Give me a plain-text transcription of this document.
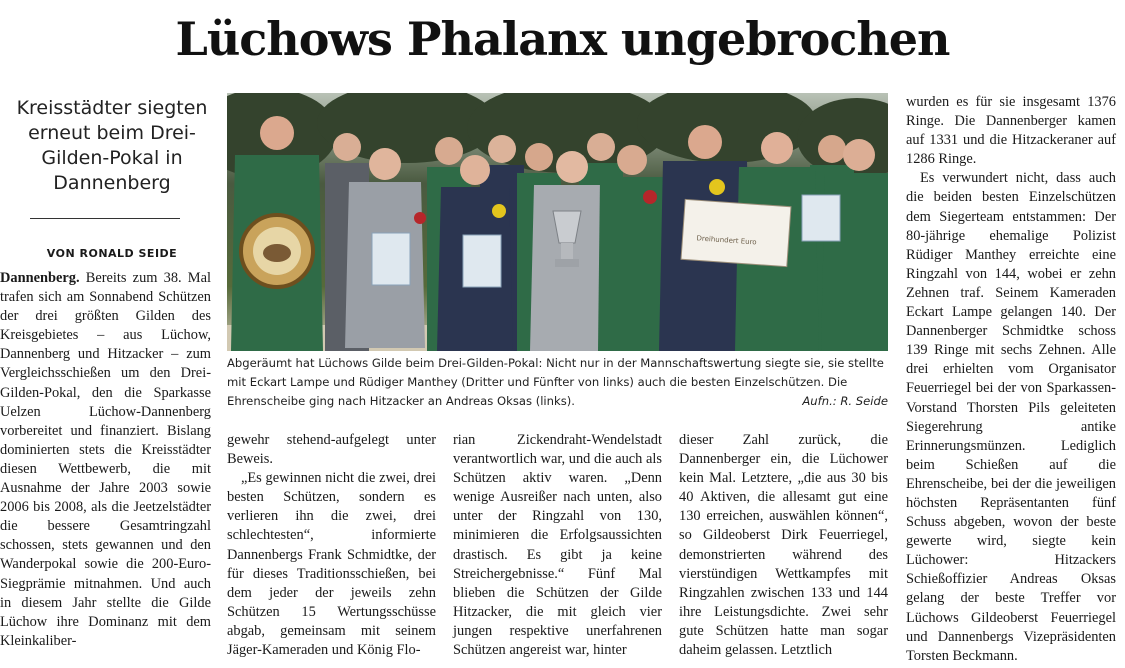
Lüchows Phalanx ungebrochen
Kreisstädter siegten erneut beim Drei-Gilden-Pokal in Dannenberg
VON RONALD SEIDE

Dannenberg. Bereits zum 38. Mal trafen sich am Sonnabend Schützen der drei größten Gilden des Kreisgebietes – aus Lüchow, Dannenberg und Hitzacker – zum Vergleichsschießen um den Drei-Gilden-Pokal, den die Sparkasse Uelzen Lüchow-Dannenberg vorbereitet und finanziert. Bislang dominierten stets die Kreisstädter diesen Wettbewerb, die mit Ausnahme der Jahre 2003 sowie 2006 bis 2008, als die Jeetzelstädter die bessere Gesamtringzahl schossen, stets gewannen und den Wanderpokal sowie die 200-Euro-Siegprämie mitnahmen. Und auch in diesem Jahr stellte die Gilde Lüchow ihre Dominanz mit dem Kleinkaliber-

Dreihundert Euro
Abgeräumt hat Lüchows Gilde beim Drei-Gilden-Pokal: Nicht nur in der Mannschaftswertung siegte sie, sie stellte mit Eckart Lampe und Rüdiger Manthey (Dritter und Fünfter von links) auch die besten Einzelschützen. Die Ehrenscheibe ging nach Hitzacker an Andreas Oksas (links).	Aufn.: R. Seide

gewehr stehend-aufgelegt unter Beweis.

„Es gewinnen nicht die zwei, drei besten Schützen, sondern es verlieren ihn die zwei, drei schlechtesten“, informierte Dannenbergs Frank Schmidtke, der für dieses Traditionsschießen, bei dem jeder der jeweils zehn Schützen 15 Wertungsschüsse abgab, gemeinsam mit seinem Jäger-Kameraden und König Flo-

rian Zickendraht-Wendelstadt verantwortlich war, und die auch als Schützen aktiv waren. „Denn wenige Ausreißer nach unten, also unter der Ringzahl von 130, minimieren die Erfolgsaussichten drastisch. Es gibt ja keine Streichergebnisse.“ Fünf Mal blieben die Schützen der Gilde Hitzacker, die mit gleich vier jungen respektive unerfahrenen Schützen angereist war, hinter

dieser Zahl zurück, die Dannenberger ein, die Lüchower kein Mal. Letztere, „die aus 30 bis 40 Aktiven, die allesamt gut eine 130 erreichen, auswählen können“, so Gildeoberst Dirk Feuerriegel, demonstrierten während des vierstündigen Wettkampfes mit Ringzahlen zwischen 133 und 144 ihre Leistungsdichte. Zwei sehr gute Schützen hatte man sogar daheim gelassen. Letztlich

wurden es für sie insgesamt 1376 Ringe. Die Dannenberger kamen auf 1331 und die Hitzackeraner auf 1286 Ringe.

Es verwundert nicht, dass auch die beiden besten Einzelschützen dem Siegerteam entstammen: Der 80-jährige ehemalige Polizist Rüdiger Manthey erreichte eine Ringzahl von 144, wobei er zehn Zehnen traf. Seinem Kameraden Eckart Lampe gelangen 140. Der Dannenberger Schmidtke schoss 139 Ringe mit sechs Zehnen. Alle drei erhielten vom Organisator Feuerriegel bei der von Sparkassen-Vorstand Thorsten Pils geleiteten Siegerehrung antike Erinnerungsmünzen. Lediglich beim Schießen auf die Ehrenscheibe, bei der die jeweiligen höchsten Repräsentanten fünf Schuss abgeben, wovon der beste gewerte wird, siegte kein Lüchower: Hitzackers Schießoffizier Andreas Oksas gelang der beste Treffer vor Lüchows Gildeoberst Feuerriegel und Dannenbergs Vizepräsidenten Torsten Beckmann.
